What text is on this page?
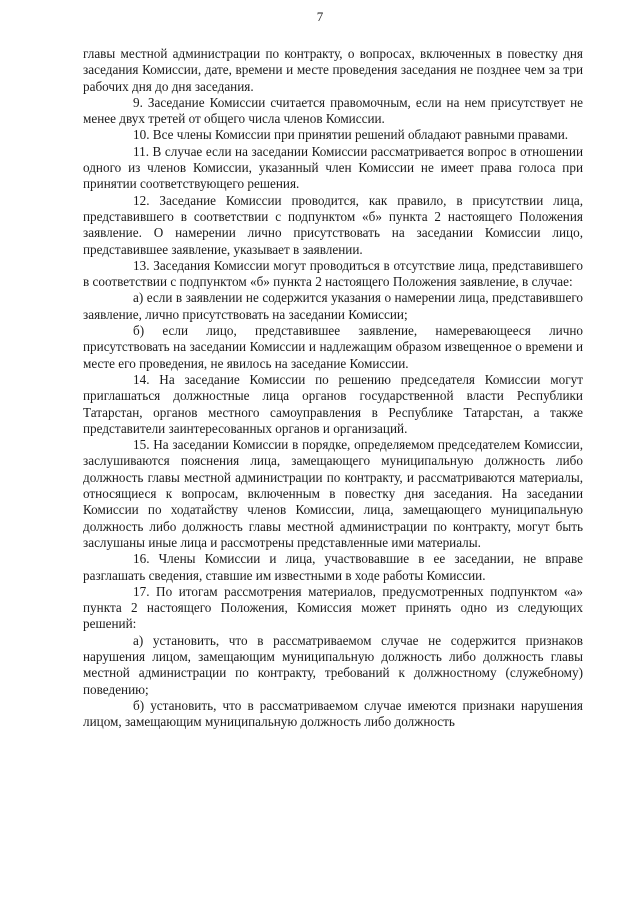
7

главы местной администрации по контракту, о вопросах, включенных в повестку дня заседания Комиссии, дате, времени и месте проведения заседания не позднее чем за три рабочих дня до дня заседания.

9. Заседание Комиссии считается правомочным, если на нем присутствует не менее двух третей от общего числа членов Комиссии.

10. Все члены Комиссии при принятии решений обладают равными правами.

11. В случае если на заседании Комиссии рассматривается вопрос в отношении одного из членов Комиссии, указанный член Комиссии не имеет права голоса при принятии соответствующего решения.

12. Заседание Комиссии проводится, как правило, в присутствии лица, представившего в соответствии с подпунктом «б» пункта 2 настоящего Положения заявление. О намерении лично присутствовать на заседании Комиссии лицо, представившее заявление, указывает в заявлении.

13. Заседания Комиссии могут проводиться в отсутствие лица, представившего в соответствии с подпунктом «б» пункта 2 настоящего Положения заявление, в случае:

а) если в заявлении не содержится указания о намерении лица, представившего заявление, лично присутствовать на заседании Комиссии;

б) если лицо, представившее заявление, намеревающееся лично присутствовать на заседании Комиссии и надлежащим образом извещенное о времени и месте его проведения, не явилось на заседание Комиссии.

14. На заседание Комиссии по решению председателя Комиссии могут приглашаться должностные лица органов государственной власти Республики Татарстан, органов местного самоуправления в Республике Татарстан, а также представители заинтересованных органов и организаций.

15. На заседании Комиссии в порядке, определяемом председателем Комиссии, заслушиваются пояснения лица, замещающего муниципальную должность либо должность главы местной администрации по контракту, и рассматриваются материалы, относящиеся к вопросам, включенным в повестку дня заседания. На заседании Комиссии по ходатайству членов Комиссии, лица, замещающего муниципальную должность либо должность главы местной администрации по контракту, могут быть заслушаны иные лица и рассмотрены представленные ими материалы.

16. Члены Комиссии и лица, участвовавшие в ее заседании, не вправе разглашать сведения, ставшие им известными в ходе работы Комиссии.

17. По итогам рассмотрения материалов, предусмотренных подпунктом «а» пункта 2 настоящего Положения, Комиссия может принять одно из следующих решений:

а) установить, что в рассматриваемом случае не содержится признаков нарушения лицом, замещающим муниципальную должность либо должность главы местной администрации по контракту, требований к должностному (служебному) поведению;

б) установить, что в рассматриваемом случае имеются признаки нарушения лицом, замещающим муниципальную должность либо должность
